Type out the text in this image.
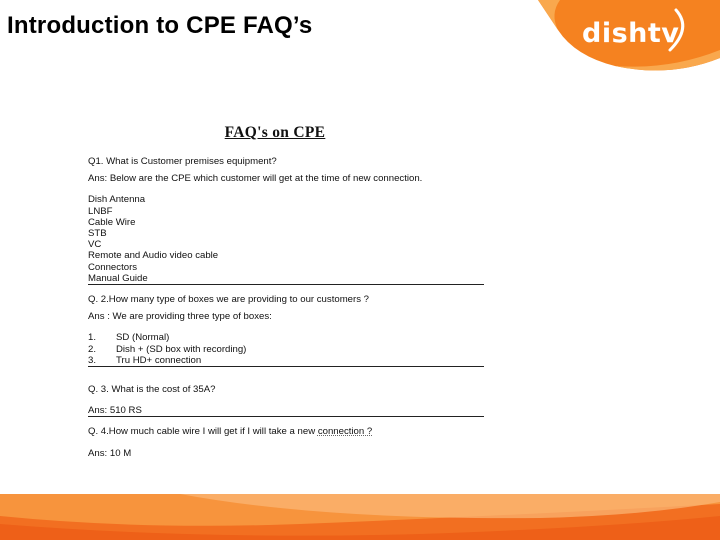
Introduction to CPE FAQ’s	dishtv
FAQ's on CPE
Q1. What is Customer premises equipment?
Ans: Below are the CPE which customer will get at the time of new connection.
Dish Antenna
LNBF
Cable Wire
STB
VC
Remote and Audio video cable
Connectors
Manual Guide
Q. 2.How many type of boxes we are providing to our customers ?
Ans : We are providing three type of boxes:
1.	SD (Normal)
2.	Dish + (SD box with recording)
3.	Tru HD+ connection
Q. 3. What is the cost of 35A?
Ans: 510 RS
Q. 4.How much cable wire I will get if I will take a new connection ?
Ans: 10 M
